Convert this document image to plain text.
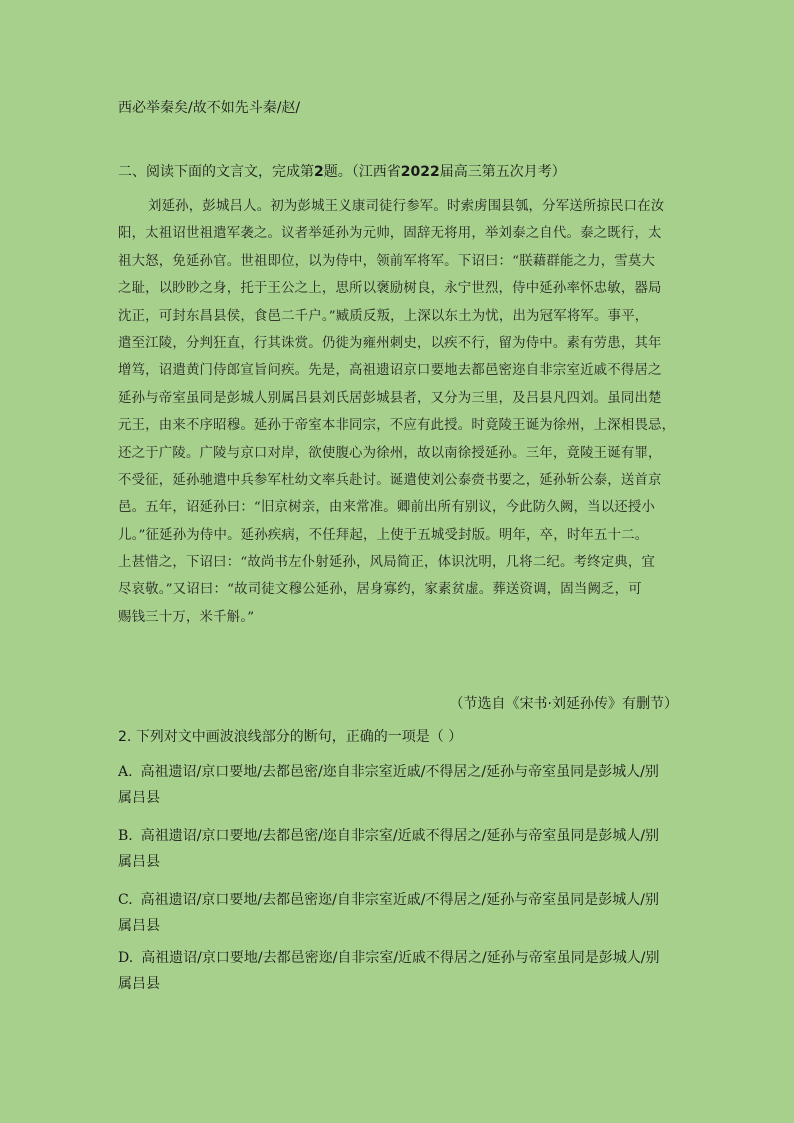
西必举秦矣/故不如先斗秦/赵/
二、阅读下面的文言文，完成第2题。（江西省2022届高三第五次月考）
刘延孙，彭城吕人。初为彭城王义康司徒行参军。时索虏围县瓠，分军送所掠民口在汝
阳，太祖诏世祖遣军袭之。议者举延孙为元帅，固辞无将用，举刘泰之自代。泰之既行，太
祖大怒，免延孙官。世祖即位，以为侍中，领前军将军。下诏曰：“朕藉群能之力，雪莫大
之耻，以眇眇之身，托于王公之上，思所以褒励树良，永宁世烈，侍中延孙率怀忠敏，器局
沈正，可封东昌县侯，食邑二千户。”臧质反叛，上深以东土为忧，出为冠军将军。事平，
遣至江陵，分判狂直，行其诛赏。仍徙为雍州刺史，以疾不行，留为侍中。素有劳患，其年
增笃，诏遣黄门侍郎宣旨问疾。先是，高祖遗诏京口要地去都邑密迩自非宗室近戚不得居之
延孙与帝室虽同是彭城人别属吕县刘氏居彭城县者，又分为三里，及吕县凡四刘。虽同出楚
元王，由来不序昭穆。延孙于帝室本非同宗，不应有此授。时竟陵王诞为徐州，上深相畏忌，
还之于广陵。广陵与京口对岸，欲使腹心为徐州，故以南徐授延孙。三年，竟陵王诞有罪，
不受征，延孙驰遣中兵参军杜幼文率兵赴讨。诞遣使刘公泰赍书要之，延孙斩公泰，送首京
邑。五年，诏延孙曰：“旧京树亲，由来常准。卿前出所有别议，今此防久阙，当以还授小
儿。”征延孙为侍中。延孙疾病，不任拜起，上使于五城受封版。明年，卒，时年五十二。
上甚惜之，下诏曰：“故尚书左仆射延孙，风局简正，体识沈明，几将二纪。考终定典，宜
尽哀敬。”又诏曰：“故司徒文穆公延孙，居身寡约，家素贫虚。葬送资调，固当阙乏，可
赐钱三十万，米千斛。”
（节选自《宋书·刘延孙传》有删节）
2. 下列对文中画波浪线部分的断句，正确的一项是（ ）
A. 高祖遗诏/京口要地/去都邑密/迩自非宗室近戚/不得居之/延孙与帝室虽同是彭城人/别
属吕县
B. 高祖遗诏/京口要地/去都邑密/迩自非宗室/近戚不得居之/延孙与帝室虽同是彭城人/别
属吕县
C. 高祖遗诏/京口要地/去都邑密迩/自非宗室近戚/不得居之/延孙与帝室虽同是彭城人/别
属吕县
D. 高祖遗诏/京口要地/去都邑密迩/自非宗室/近戚不得居之/延孙与帝室虽同是彭城人/别
属吕县
